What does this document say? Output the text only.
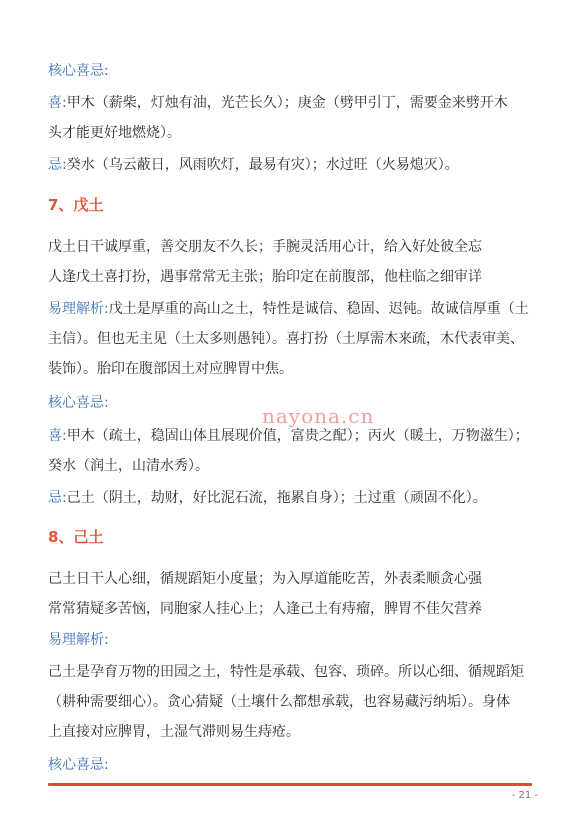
核心喜忌:
喜:甲木（薪柴，灯烛有油，光芒长久）；庚金（劈甲引丁，需要金来劈开木
头才能更好地燃烧）。
忌:癸水（乌云蔽日，风雨吹灯，最易有灾）；水过旺（火易熄灭）。
7、戊土
戊土日干诚厚重，善交朋友不久长；手腕灵活用心计，给入好处彼全忘
人逢戊土喜打扮，遇事常常无主张；胎印定在前腹部，他柱临之细审详
易理解析:戊土是厚重的高山之土，特性是诚信、稳固、迟钝。故诚信厚重（土
主信）。但也无主见（土太多则愚钝）。喜打扮（土厚需木来疏，木代表审美、
装饰）。胎印在腹部因土对应脾胃中焦。
核心喜忌:
喜:甲木（疏土，稳固山体且展现价值，富贵之配）；丙火（暖土，万物滋生）；
癸水（润土，山清水秀）。
忌:己土（阴土，劫财，好比泥石流，拖累自身）；土过重（顽固不化）。
8、己土
己土日干人心细，循规蹈矩小度量；为入厚道能吃苦，外表柔顺贪心强
常常猜疑多苦恼，同胞家人挂心上；人逢己土有痔瘤，脾胃不佳欠营养
易理解析:
己土是孕育万物的田园之土，特性是承载、包容、琐碎。所以心细、循规蹈矩
（耕种需要细心）。贪心猜疑（土壤什么都想承载，也容易藏污纳垢）。身体
上直接对应脾胃，土湿气滞则易生痔疮。
核心喜忌:
nayona.cn
- 21 -
